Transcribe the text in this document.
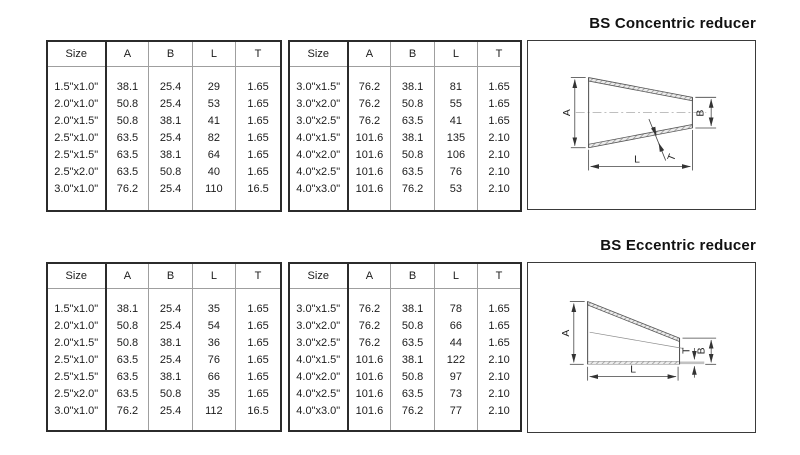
BS Concentric reducer
Size	A	B	L	T

1.5"x1.0"	38.1	25.4	29	1.65
2.0"x1.0"	50.8	25.4	53	1.65
2.0"x1.5"	50.8	38.1	41	1.65
2.5"x1.0"	63.5	25.4	82	1.65
2.5"x1.5"	63.5	38.1	64	1.65
2.5"x2.0"	63.5	50.8	40	1.65
3.0"x1.0"	76.2	25.4	110	16.5

Size	A	B	L	T

3.0"x1.5"	76.2	38.1	81	1.65
3.0"x2.0"	76.2	50.8	55	1.65
3.0"x2.5"	76.2	63.5	41	1.65
4.0"x1.5"	101.6	38.1	135	2.10
4.0"x2.0"	101.6	50.8	106	2.10
4.0"x2.5"	101.6	63.5	76	2.10
4.0"x3.0"	101.6	76.2	53	2.10

A	B
L	T
BS Eccentric reducer
Size	A	B	L	T

1.5"x1.0"	38.1	25.4	35	1.65
2.0"x1.0"	50.8	25.4	54	1.65
2.0"x1.5"	50.8	38.1	36	1.65
2.5"x1.0"	63.5	25.4	76	1.65
2.5"x1.5"	63.5	38.1	66	1.65
2.5"x2.0"	63.5	50.8	35	1.65
3.0"x1.0"	76.2	25.4	112	16.5

Size	A	B	L	T

3.0"x1.5"	76.2	38.1	78	1.65
3.0"x2.0"	76.2	50.8	66	1.65
3.0"x2.5"	76.2	63.5	44	1.65
4.0"x1.5"	101.6	38.1	122	2.10
4.0"x2.0"	101.6	50.8	97	2.10
4.0"x2.5"	101.6	63.5	73	2.10
4.0"x3.0"	101.6	76.2	77	2.10

A
B
T
L
